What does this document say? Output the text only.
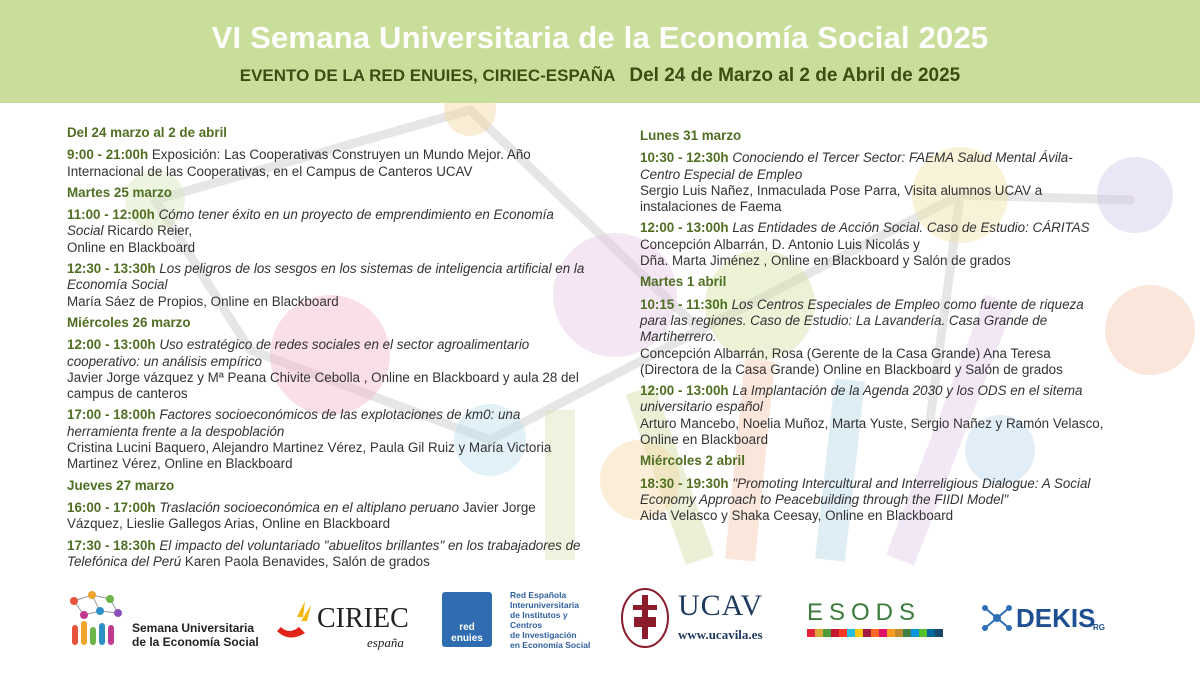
VI Semana Universitaria de la Economía Social 2025
EVENTO DE LA RED ENUIES, CIRIEC-ESPAÑA Del 24 de Marzo al 2 de Abril de 2025
Del 24 marzo al 2 de abril
9:00 - 21:00h Exposición: Las Cooperativas Construyen un Mundo Mejor. Año Internacional de las Cooperativas, en el Campus de Canteros UCAV
Martes 25 marzo
11:00 - 12:00h Cómo tener éxito en un proyecto de emprendimiento en Economía Social Ricardo Reier,
Online en Blackboard
12:30 - 13:30h Los peligros de los sesgos en los sistemas de inteligencia artificial en la Economía Social
María Sáez de Propios, Online en Blackboard
Miércoles 26 marzo
12:00 - 13:00h Uso estratégico de redes sociales en el sector agroalimentario cooperativo: un análisis empírico
Javier Jorge vázquez y Mª Peana Chivite Cebolla , Online en Blackboard y aula 28 del campus de canteros
17:00 - 18:00h Factores socioeconómicos de las explotaciones de km0: una herramienta frente a la despoblación
Cristina Lucini Baquero, Alejandro Martinez Vérez, Paula Gil Ruiz y María Victoria Martinez Vérez, Online en Blackboard
Jueves 27 marzo
16:00 - 17:00h Traslación socioeconómica en el altiplano peruano Javier Jorge Vázquez, Lieslie Gallegos Arias, Online en Blackboard
17:30 - 18:30h El impacto del voluntariado "abuelitos brillantes" en los trabajadores de Telefónica del Perú Karen Paola Benavides, Salón de grados
Lunes 31 marzo
10:30 - 12:30h Conociendo el Tercer Sector: FAEMA Salud Mental Ávila-Centro Especial de Empleo
Sergio Luis Nañez, Inmaculada Pose Parra, Visita alumnos UCAV a instalaciones de Faema
12:00 - 13:00h Las Entidades de Acción Social. Caso de Estudio: CÁRITAS
Concepción Albarrán, D. Antonio Luis Nicolás y
Dña. Marta Jiménez , Online en Blackboard y Salón de grados
Martes 1 abril
10:15 - 11:30h Los Centros Especiales de Empleo como fuente de riqueza para las regiones. Caso de Estudio: La Lavandería. Casa Grande de Martiherrero.
Concepción Albarrán, Rosa (Gerente de la Casa Grande) Ana Teresa
(Directora de la Casa Grande) Online en Blackboard y Salón de grados
12:00 - 13:00h La Implantación de la Agenda 2030 y los ODS en el sitema universitario español
Arturo Mancebo, Noelia Muñoz, Marta Yuste, Sergio Nañez y Ramón Velasco, Online en Blackboard
Miércoles 2 abril
18:30 - 19:30h "Promoting Intercultural and Interreligious Dialogue: A Social Economy Approach to Peacebuilding through the FIIDI Model"
Aida Velasco y Shaka Ceesay, Online en Blackboard
Semana Universitaria
de la Economía Social
CIRIEC
españa
red enuies
Red Española
Interuniversitaria
de Institutos y Centros
de Investigación
en Economía Social
UCAV
www.ucavila.es
ESODS	DEKIS
RG
